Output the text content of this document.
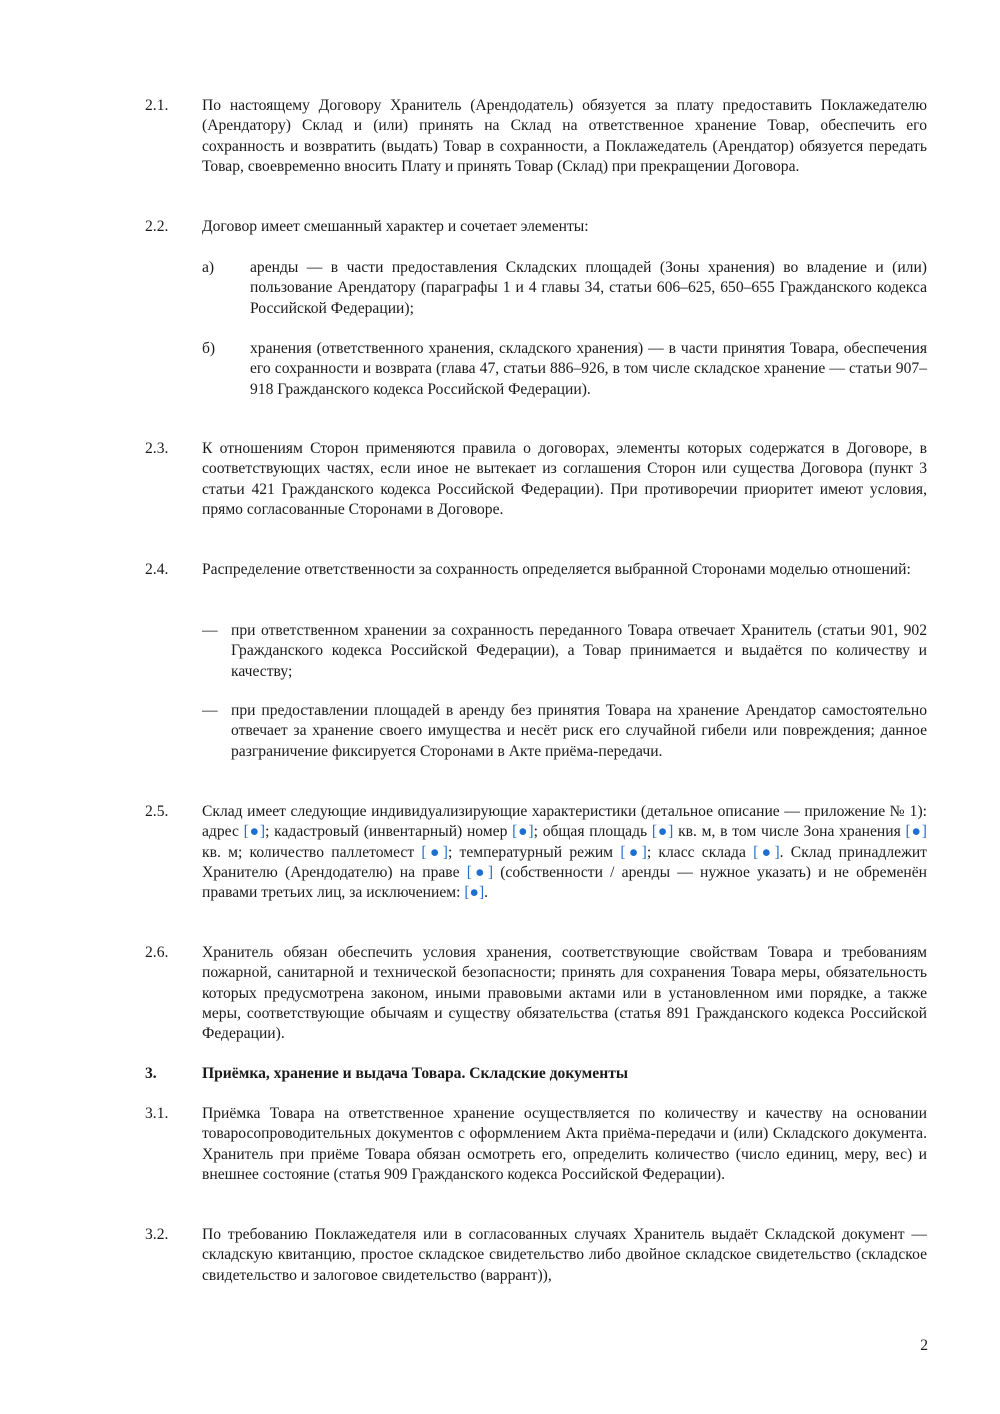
2.1. По настоящему Договору Хранитель (Арендодатель) обязуется за плату предоставить Поклажедателю (Арендатору) Склад и (или) принять на Склад на ответственное хранение Товар, обеспечить его сохранность и возвратить (выдать) Товар в сохранности, а Поклажедатель (Арендатор) обязуется передать Товар, своевременно вносить Плату и принять Товар (Склад) при прекращении Договора.
2.2. Договор имеет смешанный характер и сочетает элементы:
а) аренды — в части предоставления Складских площадей (Зоны хранения) во владение и (или) пользование Арендатору (параграфы 1 и 4 главы 34, статьи 606–625, 650–655 Гражданского кодекса Российской Федерации);
б) хранения (ответственного хранения, складского хранения) — в части принятия Товара, обеспечения его сохранности и возврата (глава 47, статьи 886–926, в том числе складское хранение — статьи 907–918 Гражданского кодекса Российской Федерации).
2.3. К отношениям Сторон применяются правила о договорах, элементы которых содержатся в Договоре, в соответствующих частях, если иное не вытекает из соглашения Сторон или существа Договора (пункт 3 статьи 421 Гражданского кодекса Российской Федерации). При противоречии приоритет имеют условия, прямо согласованные Сторонами в Договоре.
2.4. Распределение ответственности за сохранность определяется выбранной Сторонами моделью отношений:
— при ответственном хранении за сохранность переданного Товара отвечает Хранитель (статьи 901, 902 Гражданского кодекса Российской Федерации), а Товар принимается и выдаётся по количеству и качеству;
— при предоставлении площадей в аренду без принятия Товара на хранение Арендатор самостоятельно отвечает за хранение своего имущества и несёт риск его случайной гибели или повреждения; данное разграничение фиксируется Сторонами в Акте приёма-передачи.
2.5. Склад имеет следующие индивидуализирующие характеристики (детальное описание — приложение № 1): адрес [●]; кадастровый (инвентарный) номер [●]; общая площадь [●] кв. м, в том числе Зона хранения [●] кв. м; количество паллетомест [●]; температурный режим [●]; класс склада [●]. Склад принадлежит Хранителю (Арендодателю) на праве [●] (собственности / аренды — нужное указать) и не обременён правами третьих лиц, за исключением: [●].
2.6. Хранитель обязан обеспечить условия хранения, соответствующие свойствам Товара и требованиям пожарной, санитарной и технической безопасности; принять для сохранения Товара меры, обязательность которых предусмотрена законом, иными правовыми актами или в установленном ими порядке, а также меры, соответствующие обычаям и существу обязательства (статья 891 Гражданского кодекса Российской Федерации).
3.	Приёмка, хранение и выдача Товара. Складские документы
3.1. Приёмка Товара на ответственное хранение осуществляется по количеству и качеству на основании товаросопроводительных документов с оформлением Акта приёма-передачи и (или) Складского документа. Хранитель при приёме Товара обязан осмотреть его, определить количество (число единиц, меру, вес) и внешнее состояние (статья 909 Гражданского кодекса Российской Федерации).
3.2. По требованию Поклажедателя или в согласованных случаях Хранитель выдаёт Складской документ — складскую квитанцию, простое складское свидетельство либо двойное складское свидетельство (складское свидетельство и залоговое свидетельство (варрант)),
2
